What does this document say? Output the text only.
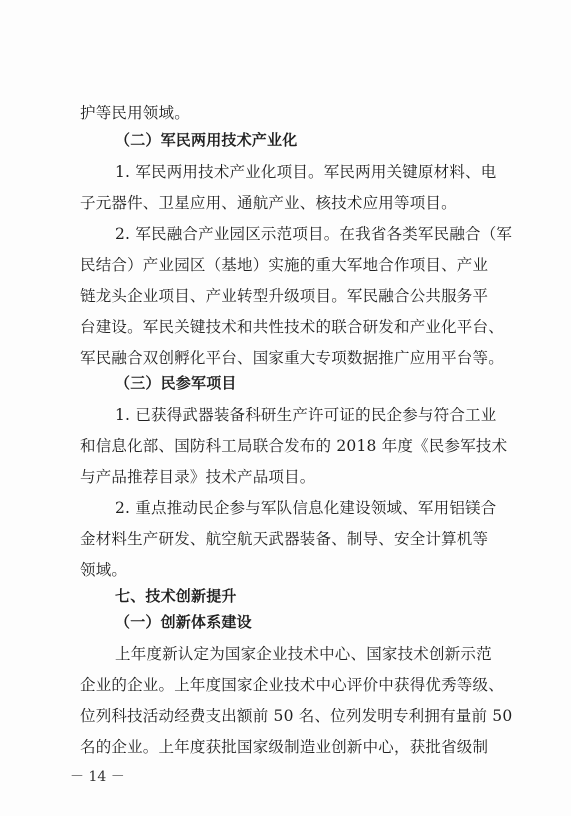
护等民用领域。
（二）军民两用技术产业化
1. 军民两用技术产业化项目。军民两用关键原材料、电
子元器件、卫星应用、通航产业、核技术应用等项目。
2. 军民融合产业园区示范项目。在我省各类军民融合（军
民结合）产业园区（基地）实施的重大军地合作项目、产业
链龙头企业项目、产业转型升级项目。军民融合公共服务平
台建设。军民关键技术和共性技术的联合研发和产业化平台、
军民融合双创孵化平台、国家重大专项数据推广应用平台等。
（三）民参军项目
1. 已获得武器装备科研生产许可证的民企参与符合工业
和信息化部、国防科工局联合发布的 2018 年度《民参军技术
与产品推荐目录》技术产品项目。
2. 重点推动民企参与军队信息化建设领域、军用铝镁合
金材料生产研发、航空航天武器装备、制导、安全计算机等
领域。
七、技术创新提升
（一）创新体系建设
上年度新认定为国家企业技术中心、国家技术创新示范
企业的企业。上年度国家企业技术中心评价中获得优秀等级、
位列科技活动经费支出额前 50 名、位列发明专利拥有量前 50
名的企业。上年度获批国家级制造业创新中心，获批省级制
－ 14 －
